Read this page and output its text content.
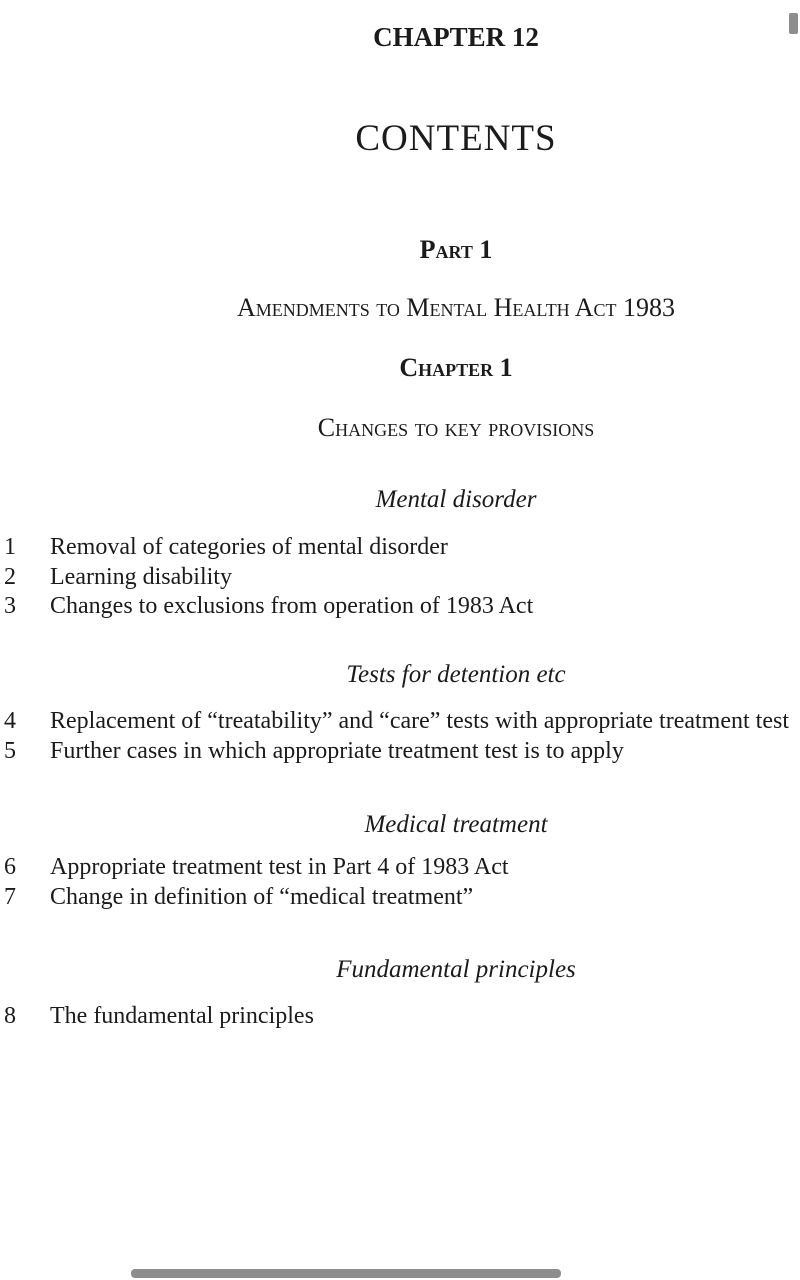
CHAPTER 12
CONTENTS
Part 1
Amendments to Mental Health Act 1983
Chapter 1
Changes to key provisions
Mental disorder
1 Removal of categories of mental disorder
2 Learning disability
3 Changes to exclusions from operation of 1983 Act
Tests for detention etc
4 Replacement of “treatability” and “care” tests with appropriate treatment test
5 Further cases in which appropriate treatment test is to apply
Medical treatment
6 Appropriate treatment test in Part 4 of 1983 Act
7 Change in definition of “medical treatment”
Fundamental principles
8 The fundamental principles
